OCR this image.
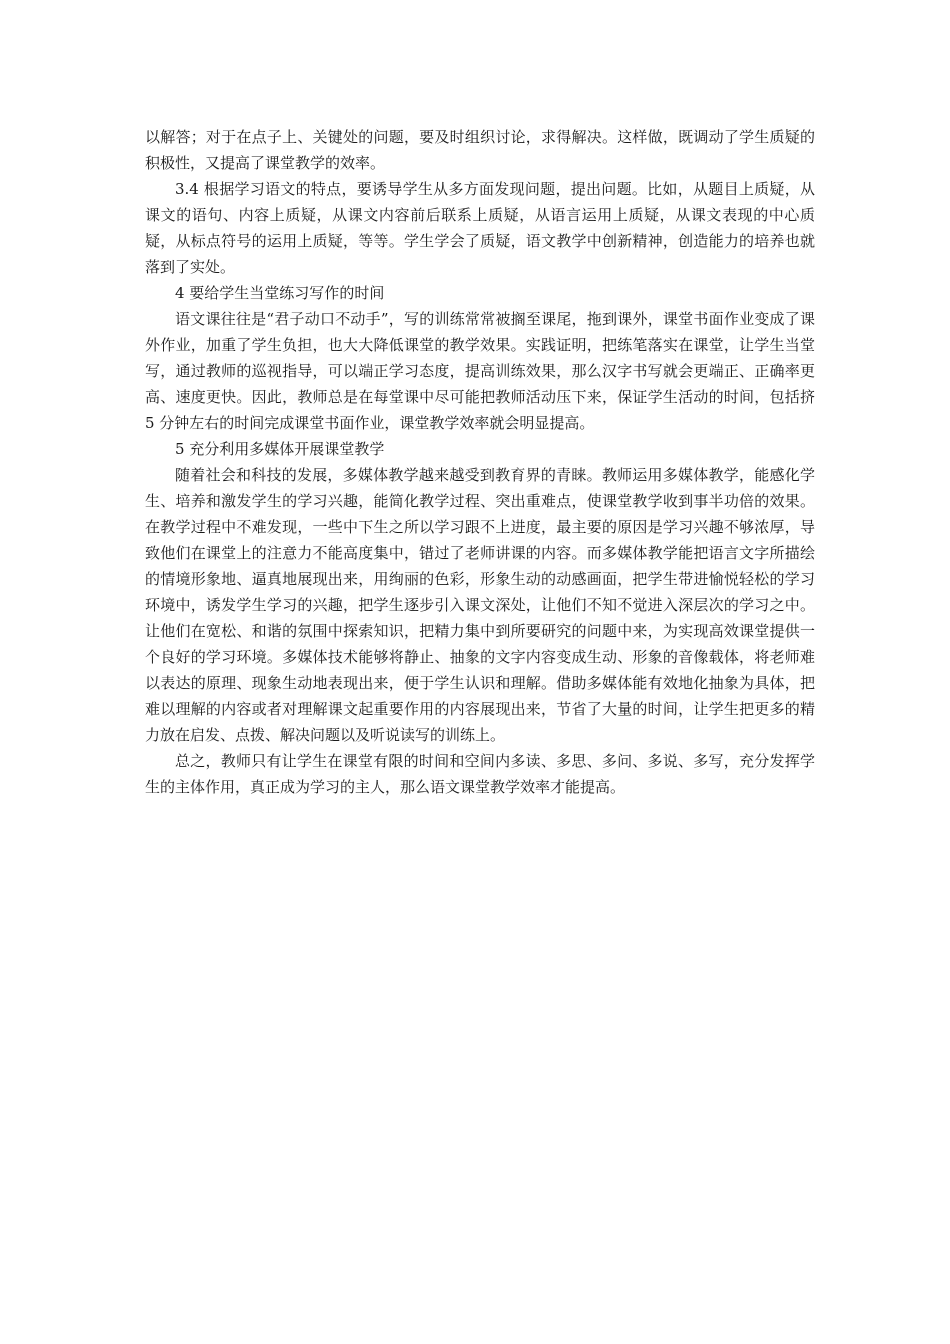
以解答；对于在点子上、关键处的问题，要及时组织讨论，求得解决。这样做，既调动了学生质疑的积极性，又提高了课堂教学的效率。

3.4 根据学习语文的特点，要诱导学生从多方面发现问题，提出问题。比如，从题目上质疑，从课文的语句、内容上质疑，从课文内容前后联系上质疑，从语言运用上质疑，从课文表现的中心质疑，从标点符号的运用上质疑，等等。学生学会了质疑，语文教学中创新精神，创造能力的培养也就落到了实处。

4 要给学生当堂练习写作的时间

语文课往往是“君子动口不动手”，写的训练常常被搁至课尾，拖到课外，课堂书面作业变成了课外作业，加重了学生负担，也大大降低课堂的教学效果。实践证明，把练笔落实在课堂，让学生当堂写，通过教师的巡视指导，可以端正学习态度，提高训练效果，那么汉字书写就会更端正、正确率更高、速度更快。因此，教师总是在每堂课中尽可能把教师活动压下来，保证学生活动的时间，包括挤 5 分钟左右的时间完成课堂书面作业，课堂教学效率就会明显提高。

5 充分利用多媒体开展课堂教学

随着社会和科技的发展，多媒体教学越来越受到教育界的青睐。教师运用多媒体教学，能感化学生、培养和激发学生的学习兴趣，能简化教学过程、突出重难点，使课堂教学收到事半功倍的效果。在教学过程中不难发现，一些中下生之所以学习跟不上进度，最主要的原因是学习兴趣不够浓厚，导致他们在课堂上的注意力不能高度集中，错过了老师讲课的内容。而多媒体教学能把语言文字所描绘的情境形象地、逼真地展现出来，用绚丽的色彩，形象生动的动感画面，把学生带进愉悦轻松的学习环境中，诱发学生学习的兴趣，把学生逐步引入课文深处，让他们不知不觉进入深层次的学习之中。让他们在宽松、和谐的氛围中探索知识，把精力集中到所要研究的问题中来，为实现高效课堂提供一个良好的学习环境。多媒体技术能够将静止、抽象的文字内容变成生动、形象的音像载体，将老师难以表达的原理、现象生动地表现出来，便于学生认识和理解。借助多媒体能有效地化抽象为具体，把难以理解的内容或者对理解课文起重要作用的内容展现出来，节省了大量的时间，让学生把更多的精力放在启发、点拨、解决问题以及听说读写的训练上。

总之，教师只有让学生在课堂有限的时间和空间内多读、多思、多问、多说、多写，充分发挥学生的主体作用，真正成为学习的主人，那么语文课堂教学效率才能提高。
